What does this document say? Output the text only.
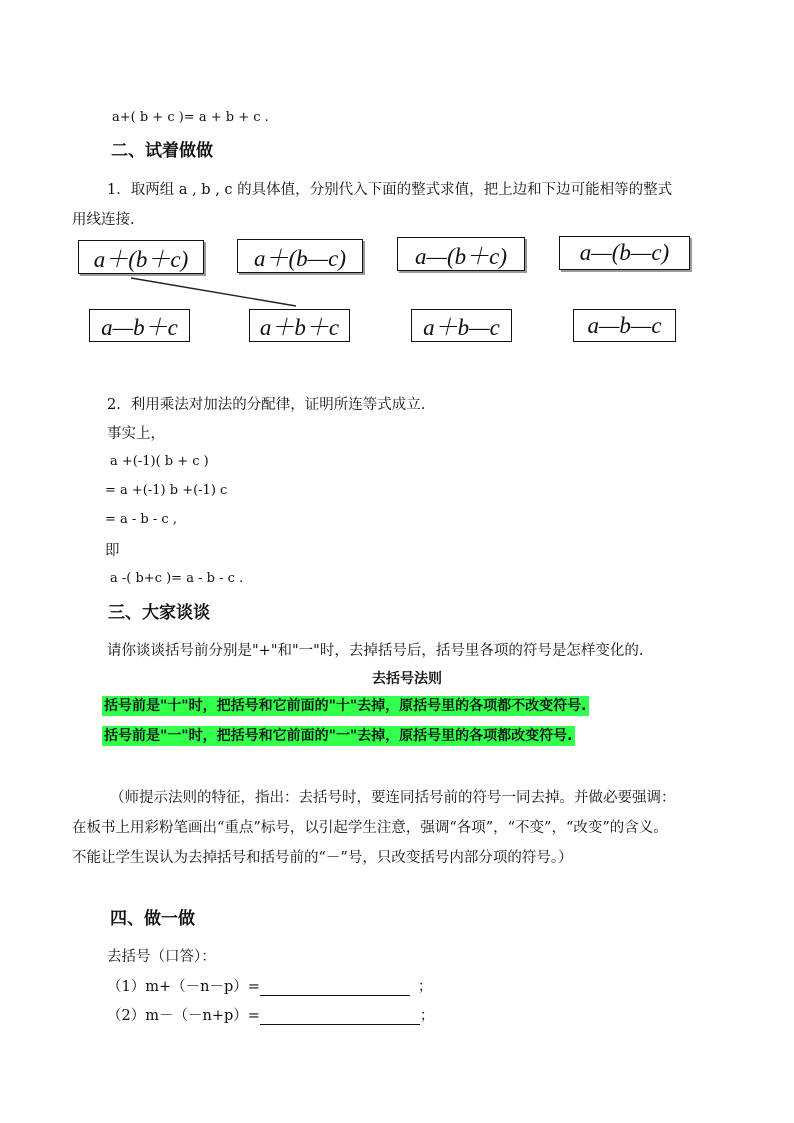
a+( b + c )= a + b + c .
二、试着做做
1．取两组 a , b , c 的具体值，分别代入下面的整式求值，把上边和下边可能相等的整式
用线连接.
a＋(b＋c)	a＋(b—c)	a—(b＋c)	a—(b—c)
a—b＋c	a＋b＋c	a＋b—c	a—b—c
2．利用乘法对加法的分配律，证明所连等式成立.
事实上，
a +(-1)( b + c )
= a +(-1) b +(-1) c
= a - b - c ,
即
a -( b+c )= a - b - c .
三、大家谈谈
请你谈谈括号前分别是"+"和"一"时，去掉括号后，括号里各项的符号是怎样变化的.
去括号法则
括号前是"十"时，把括号和它前面的"十"去掉，原括号里的各项都不改变符号.
括号前是"一"时，把括号和它前面的"一"去掉，原括号里的各项都改变符号.
（师提示法则的特征，指出：去括号时，要连同括号前的符号一同去掉。并做必要强调：
在板书上用彩粉笔画出“重点”标号，以引起学生注意，强调“各项”，“不变”，“改变”的含义。
不能让学生误认为去掉括号和括号前的“－”号，只改变括号内部分项的符号。）
四、做一做
去括号（口答）：
（1）m+（－n－p）=	；
（2）m－（－n+p）=	；
